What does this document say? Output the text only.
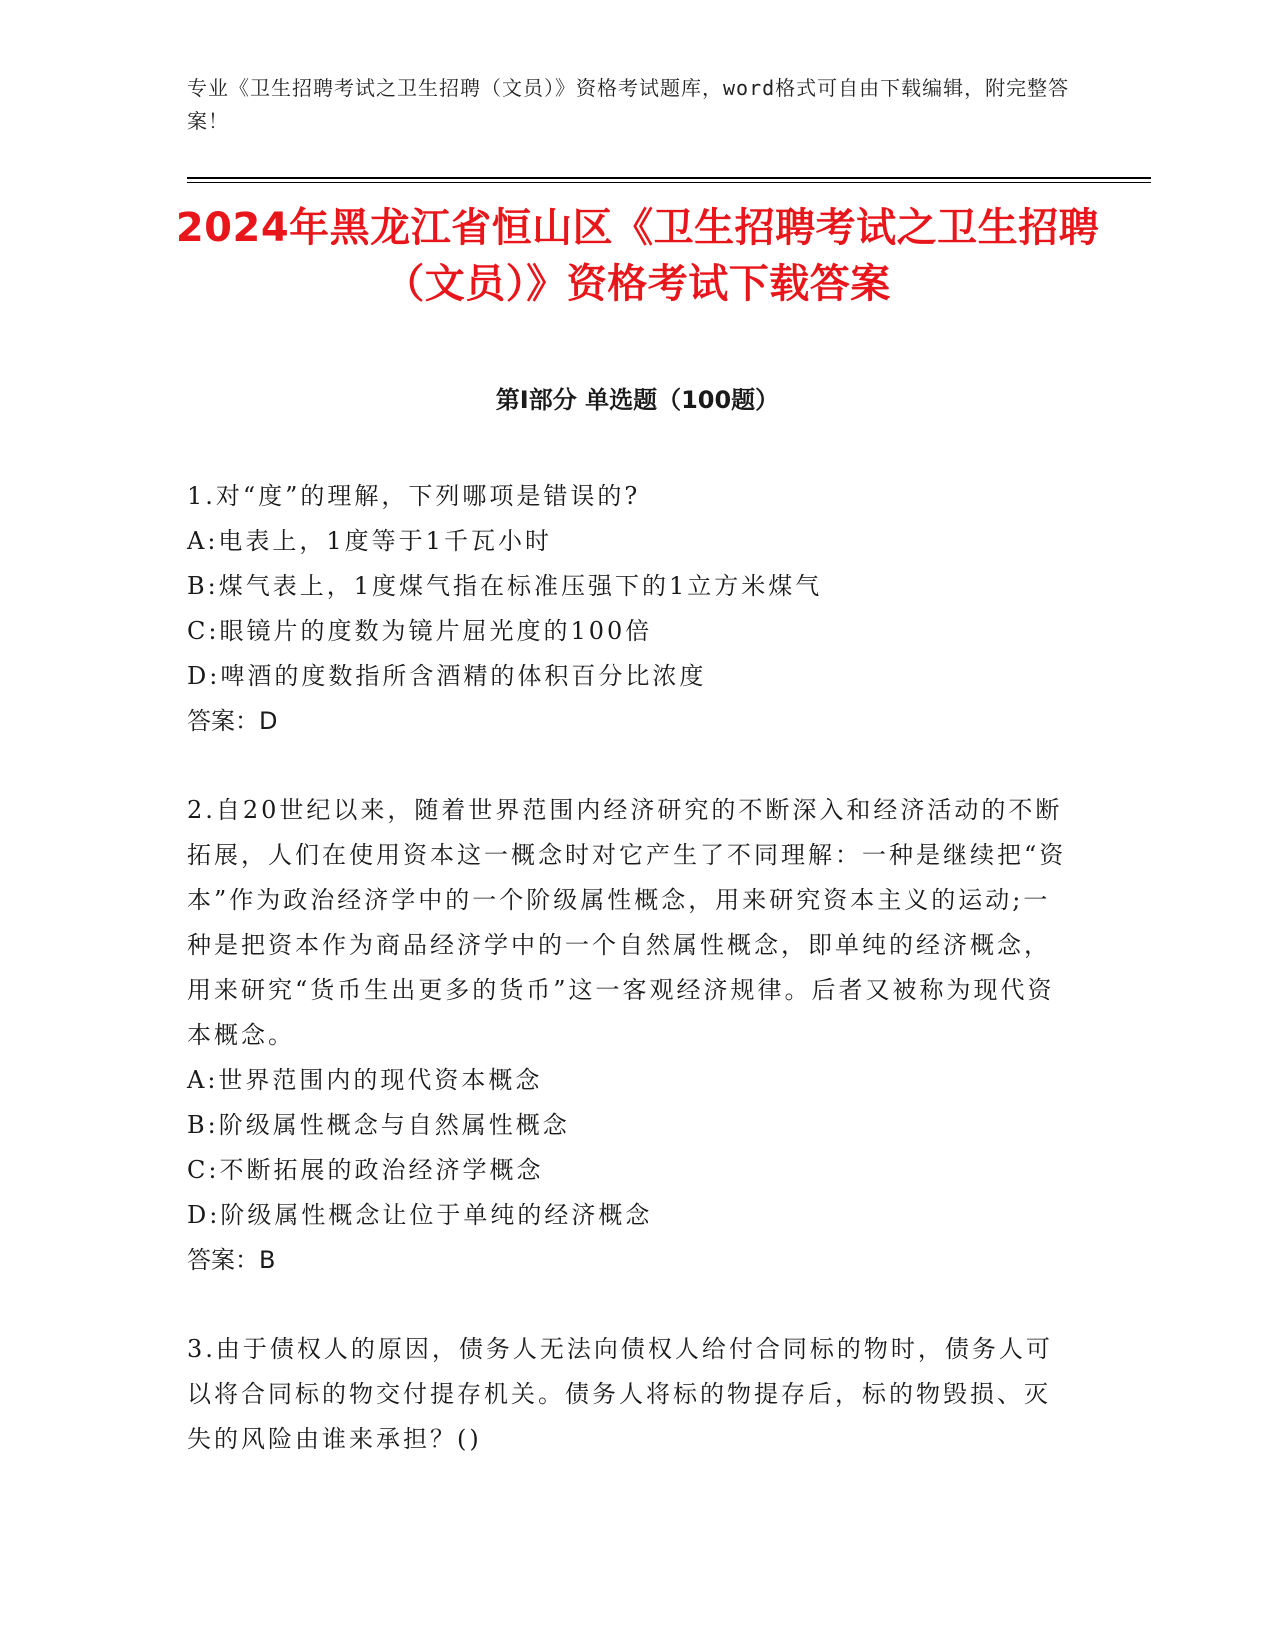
专业《卫生招聘考试之卫生招聘（文员）》资格考试题库，word格式可自由下载编辑，附完整答案！
2024年黑龙江省恒山区《卫生招聘考试之卫生招聘（文员）》资格考试下载答案
第Ⅰ部分 单选题（100题）
1.对“度”的理解，下列哪项是错误的?
A:电表上，1度等于1千瓦小时
B:煤气表上，1度煤气指在标准压强下的1立方米煤气
C:眼镜片的度数为镜片屈光度的100倍
D:啤酒的度数指所含酒精的体积百分比浓度
答案：D
2.自20世纪以来，随着世界范围内经济研究的不断深入和经济活动的不断拓展，人们在使用资本这一概念时对它产生了不同理解：一种是继续把“资本”作为政治经济学中的一个阶级属性概念，用来研究资本主义的运动;一种是把资本作为商品经济学中的一个自然属性概念，即单纯的经济概念，用来研究“货币生出更多的货币”这一客观经济规律。后者又被称为现代资本概念。
A:世界范围内的现代资本概念
B:阶级属性概念与自然属性概念
C:不断拓展的政治经济学概念
D:阶级属性概念让位于单纯的经济概念
答案：B
3.由于债权人的原因，债务人无法向债权人给付合同标的物时，债务人可以将合同标的物交付提存机关。债务人将标的物提存后，标的物毁损、灭失的风险由谁来承担？()
